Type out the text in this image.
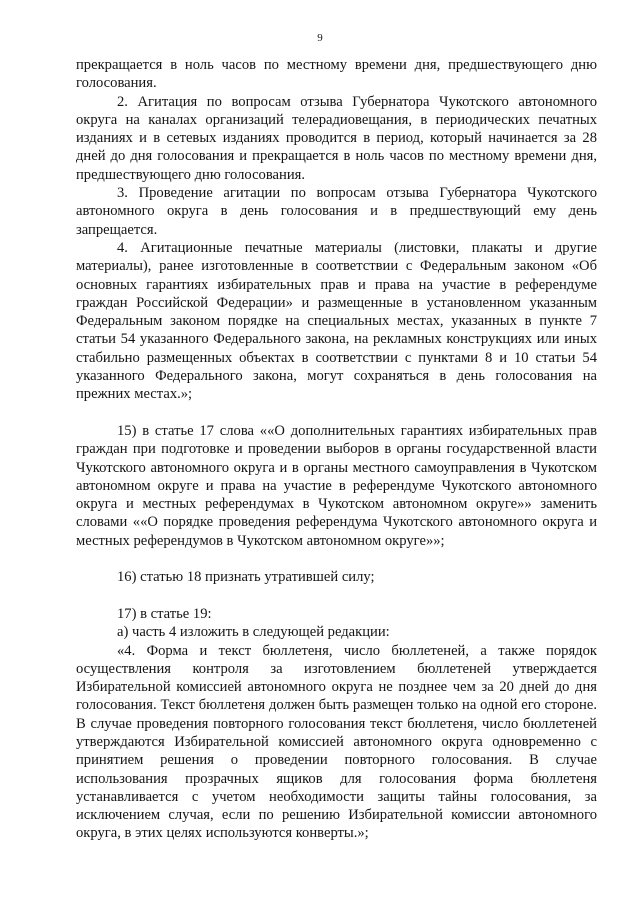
9

прекращается в ноль часов по местному времени дня, предшествующего дню голосования.

2. Агитация по вопросам отзыва Губернатора Чукотского автономного округа на каналах организаций телерадиовещания, в периодических печатных изданиях и в сетевых изданиях проводится в период, который начинается за 28 дней до дня голосования и прекращается в ноль часов по местному времени дня, предшествующего дню голосования.

3. Проведение агитации по вопросам отзыва Губернатора Чукотского автономного округа в день голосования и в предшествующий ему день запрещается.

4. Агитационные печатные материалы (листовки, плакаты и другие материалы), ранее изготовленные в соответствии с Федеральным законом «Об основных гарантиях избирательных прав и права на участие в референдуме граждан Российской Федерации» и размещенные в установленном указанным Федеральным законом порядке на специальных местах, указанных в пункте 7 статьи 54 указанного Федерального закона, на рекламных конструкциях или иных стабильно размещенных объектах в соответствии с пунктами 8 и 10 статьи 54 указанного Федерального закона, могут сохраняться в день голосования на прежних местах.»;

15) в статье 17 слова ««О дополнительных гарантиях избирательных прав граждан при подготовке и проведении выборов в органы государственной власти Чукотского автономного округа и в органы местного самоуправления в Чукотском автономном округе и права на участие в референдуме Чукотского автономного округа и местных референдумах в Чукотском автономном округе»» заменить словами ««О порядке проведения референдума Чукотского автономного округа и местных референдумов в Чукотском автономном округе»»;

16) статью 18 признать утратившей силу;

17) в статье 19:

а) часть 4 изложить в следующей редакции:

«4. Форма и текст бюллетеня, число бюллетеней, а также порядок осуществления контроля за изготовлением бюллетеней утверждается Избирательной комиссией автономного округа не позднее чем за 20 дней до дня голосования. Текст бюллетеня должен быть размещен только на одной его стороне. В случае проведения повторного голосования текст бюллетеня, число бюллетеней утверждаются Избирательной комиссией автономного округа одновременно с принятием решения о проведении повторного голосования. В случае использования прозрачных ящиков для голосования форма бюллетеня устанавливается с учетом необходимости защиты тайны голосования, за исключением случая, если по решению Избирательной комиссии автономного округа, в этих целях используются конверты.»;
